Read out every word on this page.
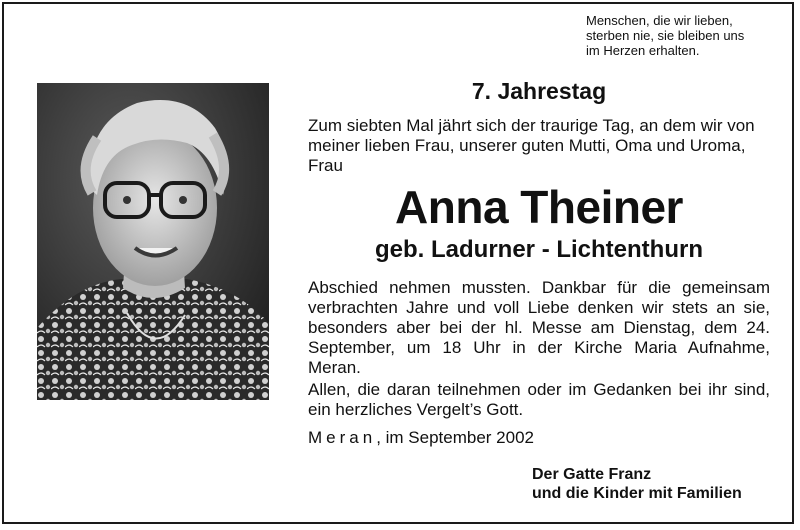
Menschen, die wir lieben,
sterben nie, sie bleiben uns
im Herzen erhalten.
7. Jahrestag
Zum siebten Mal jährt sich der traurige Tag, an dem wir von meiner lieben Frau, unserer guten Mutti, Oma und Uroma, Frau
Anna Theiner
geb. Ladurner - Lichtenthurn
Abschied nehmen mussten. Dankbar für die gemeinsam verbrachten Jahre und voll Liebe denken wir stets an sie, besonders aber bei der hl. Messe am Dienstag, dem 24. September, um 18 Uhr in der Kirche Maria Aufnahme, Meran.
Allen, die daran teilnehmen oder im Gedanken bei ihr sind, ein herzliches Vergelt’s Gott.
Meran, im September 2002
Der Gatte Franz
und die Kinder mit Familien
